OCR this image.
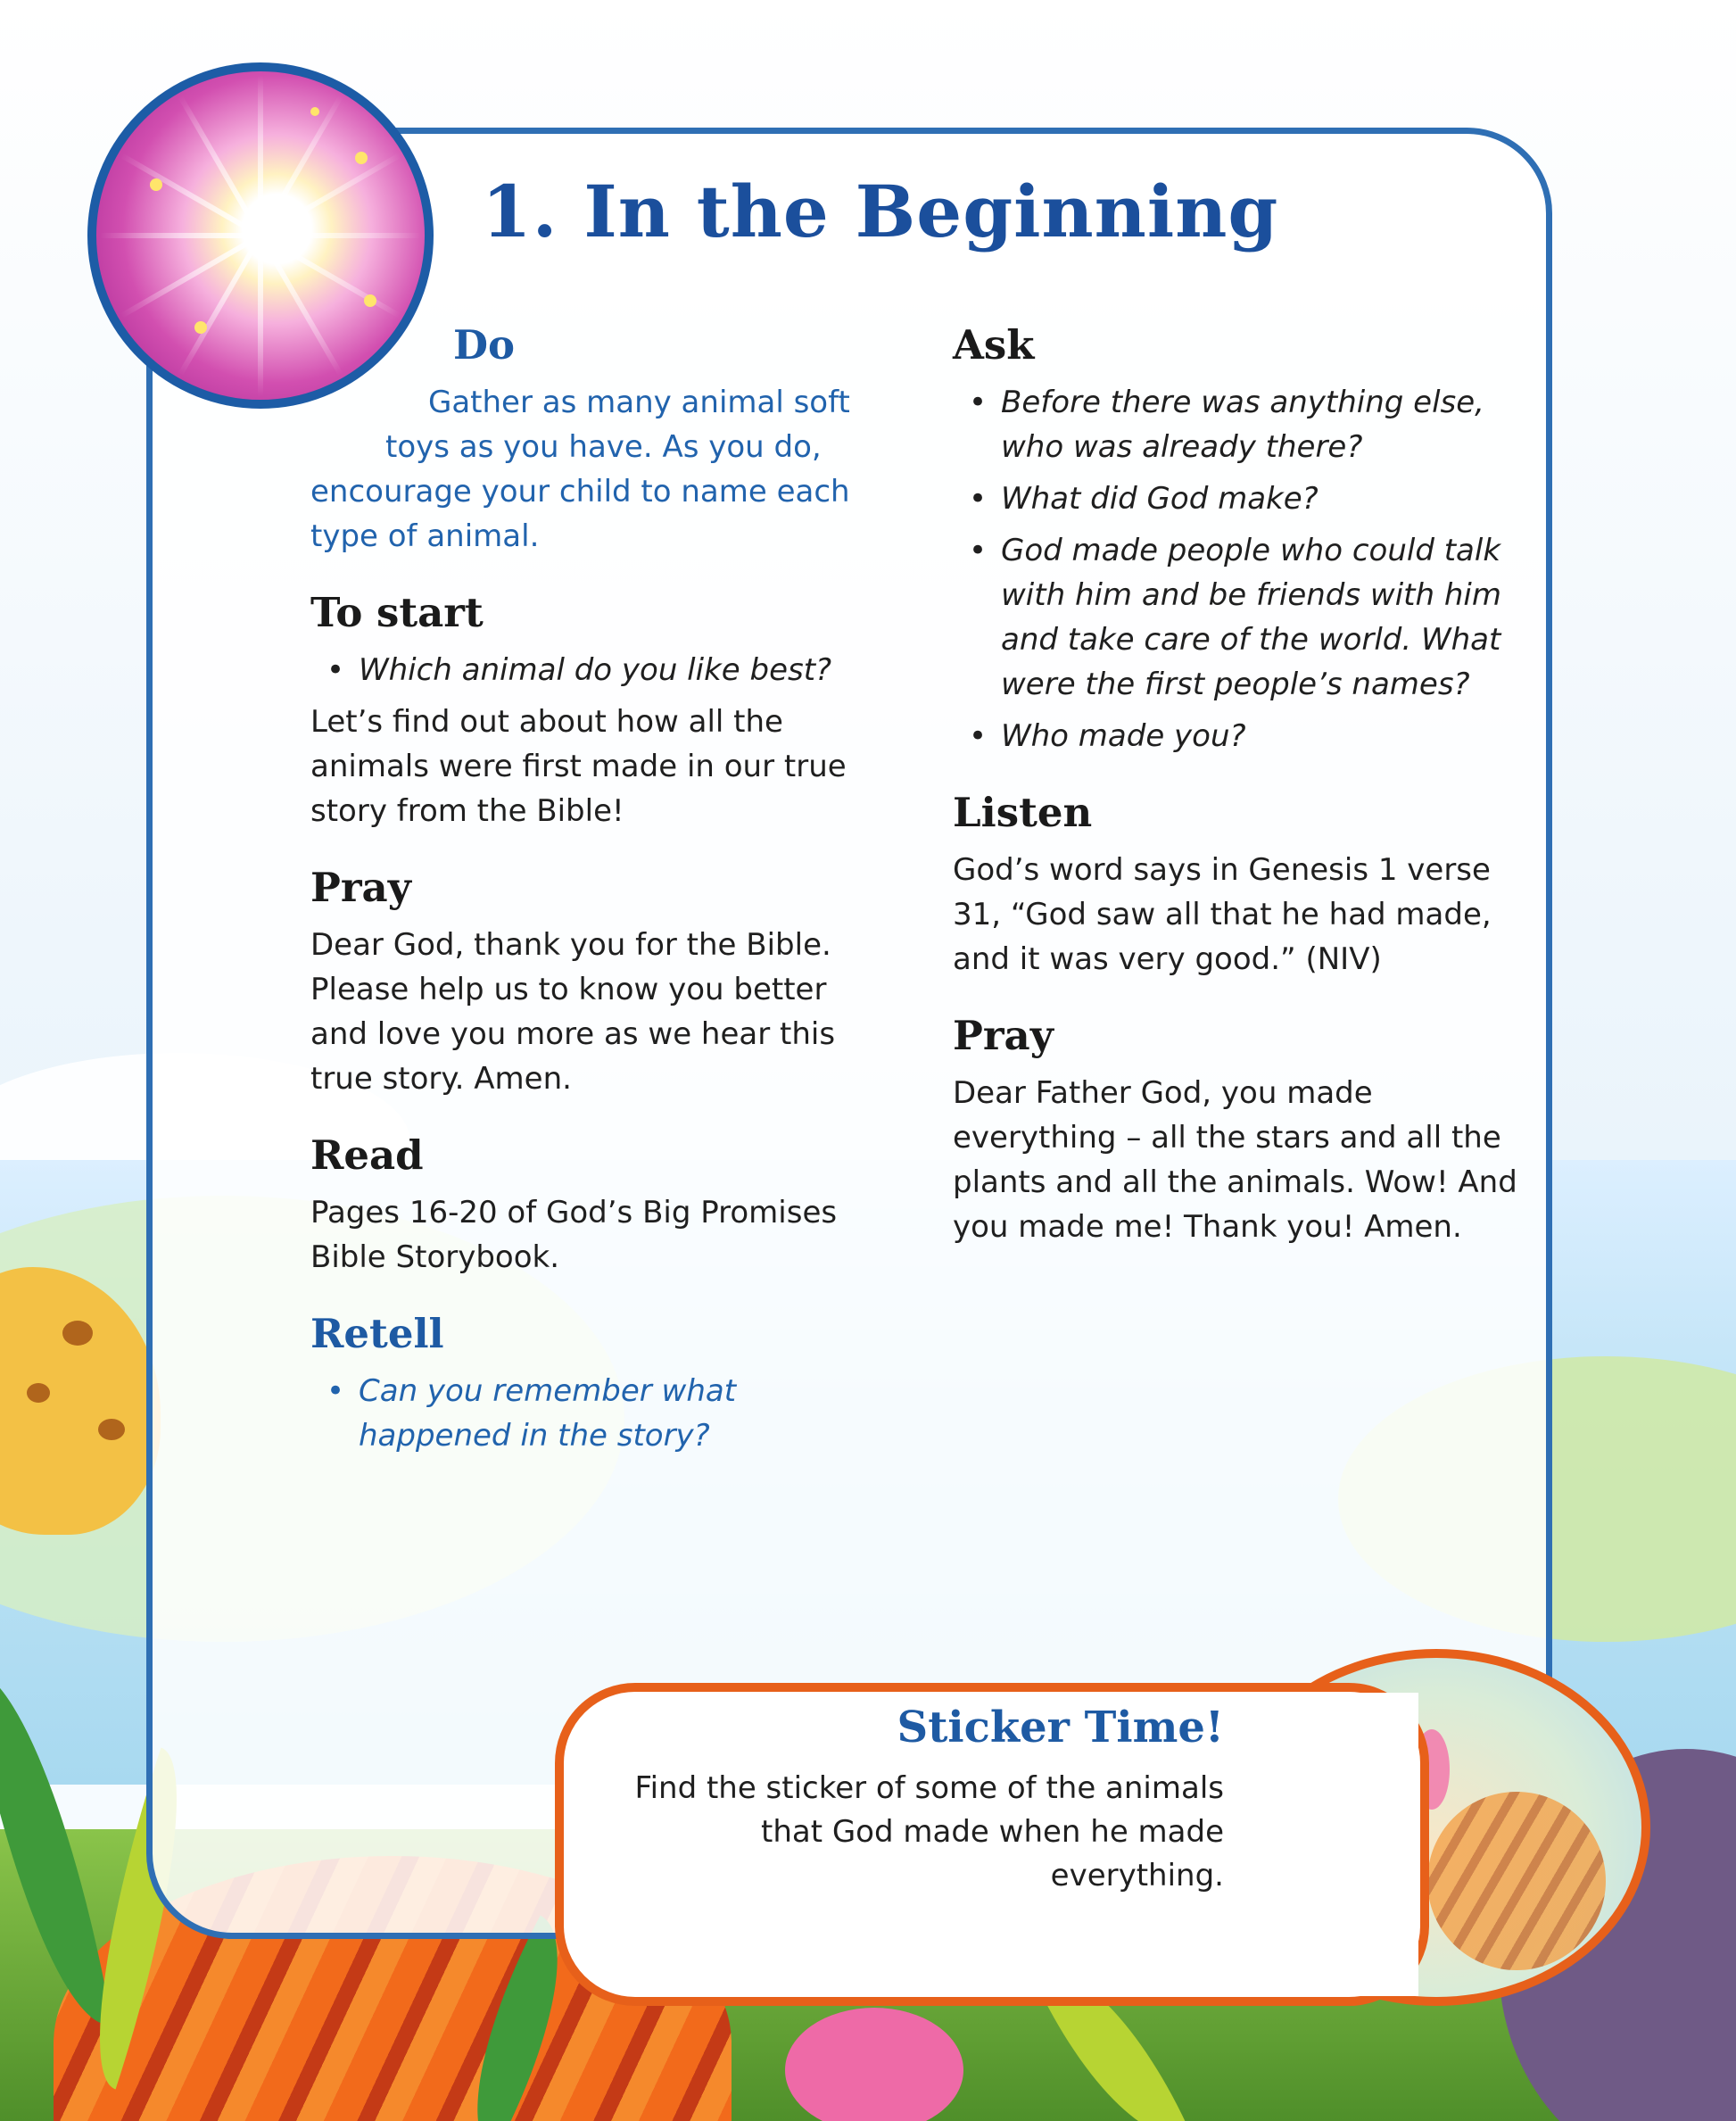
1. In the Beginning
Do

Gather as many animal soft
toys as you have. As you do,
encourage your child to name each
type of animal.

To start
• Which animal do you like best?

Let’s find out about how all the animals were first made in our true story from the Bible!

Pray

Dear God, thank you for the Bible. Please help us to know you better and love you more as we hear this true story. Amen.

Read

Pages 16-20 of God’s Big Promises Bible Storybook.

Retell
• Can you remember what happened in the story?
Ask
• Before there was anything else, who was already there?
• What did God make?
• God made people who could talk with him and be friends with him and take care of the world. What were the first people’s names?
• Who made you?
Listen

God’s word says in Genesis 1 verse 31, “God saw all that he had made, and it was very good.” (NIV)

Pray

Dear Father God, you made everything – all the stars and all the plants and all the animals. Wow! And you made me! Thank you! Amen.

Sticker Time!

Find the sticker of some of the animals that God made when he made everything.
